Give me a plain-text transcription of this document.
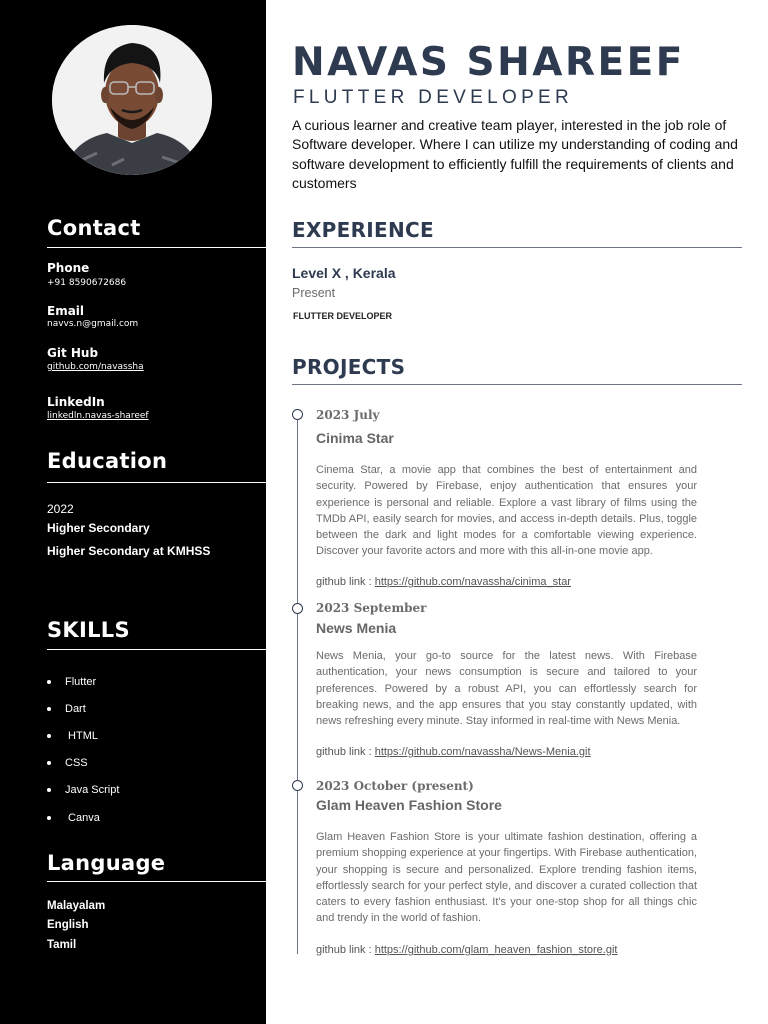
Contact
Phone
+91 8590672686
Email
navvs.n@gmail.com
Git Hub
github.com/navassha
LinkedIn
linkedln.navas-shareef
Education
2022
Higher Secondary
Higher Secondary at KMHSS
SKILLS
Flutter
Dart
HTML
CSS
Java Script
Canva
Language
Malayalam
English
Tamil
NAVAS SHAREEF
FLUTTER DEVELOPER

A curious learner and creative team player, interested in the job role of Software developer. Where I can utilize my understanding of coding and software development to efficiently fulfill the requirements of clients and customers

EXPERIENCE
Level X , Kerala
Present
FLUTTER DEVELOPER
PROJECTS
2023 July
Cinima Star

Cinema Star, a movie app that combines the best of entertainment and security. Powered by Firebase, enjoy authentication that ensures your experience is personal and reliable. Explore a vast library of films using the TMDb API, easily search for movies, and access in-depth details. Plus, toggle between the dark and light modes for a comfortable viewing experience. Discover your favorite actors and more with this all-in-one movie app.

github link : https://github.com/navassha/cinima_star
2023 September
News Menia

News Menia, your go-to source for the latest news. With Firebase authentication, your news consumption is secure and tailored to your preferences. Powered by a robust API, you can effortlessly search for breaking news, and the app ensures that you stay constantly updated, with news refreshing every minute. Stay informed in real-time with News Menia.

github link : https://github.com/navassha/News-Menia.git
2023 October (present)
Glam Heaven Fashion Store

Glam Heaven Fashion Store is your ultimate fashion destination, offering a premium shopping experience at your fingertips. With Firebase authentication, your shopping is secure and personalized. Explore trending fashion items, effortlessly search for your perfect style, and discover a curated collection that caters to every fashion enthusiast. It's your one-stop shop for all things chic and trendy in the world of fashion.

github link : https://github.com/glam_heaven_fashion_store.git
